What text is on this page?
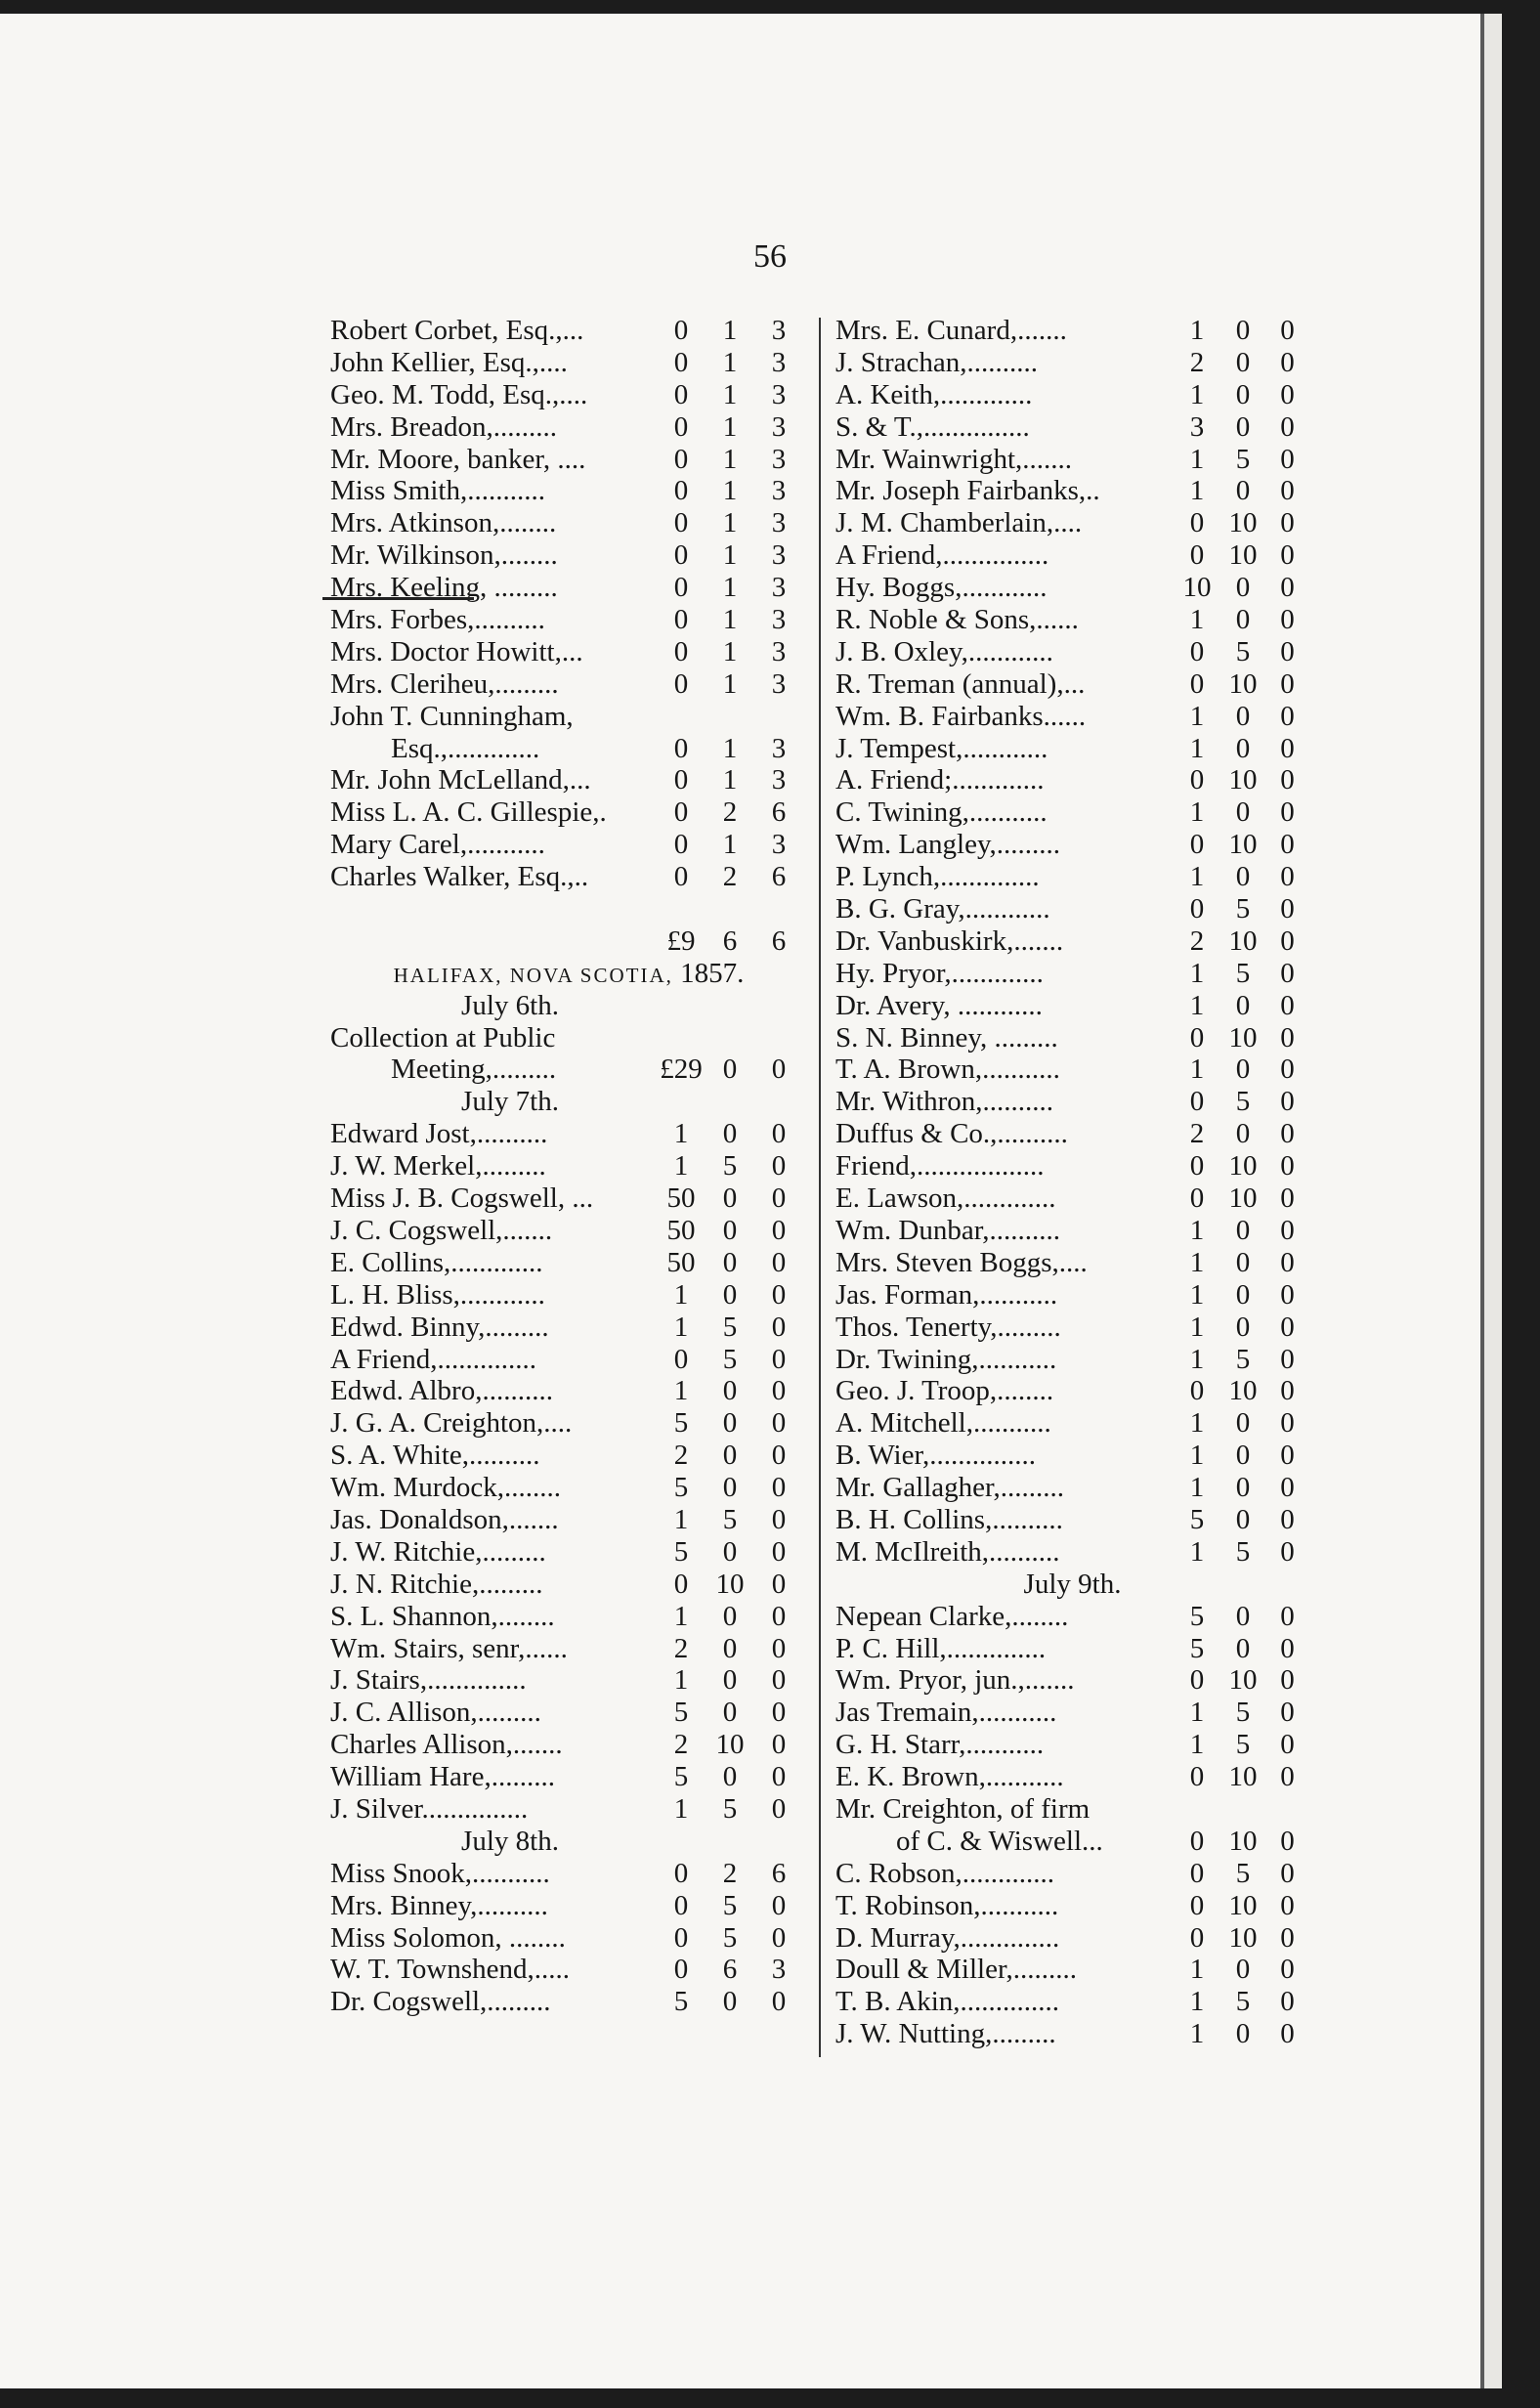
56
Robert Corbet, Esq.,...	0	1	3
John Kellier, Esq.,....	0	1	3
Geo. M. Todd, Esq.,....	0	1	3
Mrs. Breadon,.........	0	1	3
Mr. Moore, banker, ....	0	1	3
Miss Smith,...........	0	1	3
Mrs. Atkinson,........	0	1	3
Mr. Wilkinson,........	0	1	3
Mrs. Keeling, .........	0	1	3
Mrs. Forbes,..........	0	1	3
Mrs. Doctor Howitt,...	0	1	3
Mrs. Cleriheu,.........	0	1	3
John T. Cunningham,
Esq.,.............	0	1	3
Mr. John McLelland,...	0	1	3
Miss L. A. C. Gillespie,.	0	2	6
Mary Carel,...........	0	1	3
Charles Walker, Esq.,..	0	2	6
£9 6	6
HALIFAX, NOVA SCOTIA, 1857.
July 6th.
Collection at Public
Meeting,.........	£29 0	0
July 7th.
Edward Jost,..........	1	0	0
J. W. Merkel,.........	1	5	0
Miss J. B. Cogswell, ...	50 0	0
J. C. Cogswell,.......	50 0	0
E. Collins,.............	50 0	0
L. H. Bliss,............	1	0	0
Edwd. Binny,.........	1	5	0
A Friend,..............	0	5	0
Edwd. Albro,..........	1	0	0
J. G. A. Creighton,....	5	0	0
S. A. White,..........	2	0	0
Wm. Murdock,........	5	0	0
Jas. Donaldson,.......	1	5	0
J. W. Ritchie,.........	5	0	0
J. N. Ritchie,.........	0 10 0
S. L. Shannon,........	1	0	0
Wm. Stairs, senr,......	2	0	0
J. Stairs,..............	1	0	0
J. C. Allison,.........	5	0	0
Charles Allison,.......	2 10 0
William Hare,.........	5	0	0
J. Silver...............	1	5	0
July 8th.
Miss Snook,...........	0	2	6
Mrs. Binney,..........	0	5	0
Miss Solomon, ........	0	5	0
W. T. Townshend,.....	0	6	3
Dr. Cogswell,.........	5	0	0
Mrs. E. Cunard,.......	1	0	0
J. Strachan,..........	2	0	0
A. Keith,.............	1	0	0
S. & T.,...............	3	0	0
Mr. Wainwright,.......	1	5	0
Mr. Joseph Fairbanks,..	1	0	0
J. M. Chamberlain,....	0 10 0
A Friend,...............	0 10 0
Hy. Boggs,............	10 0	0
R. Noble & Sons,......	1	0	0
J. B. Oxley,............	0	5	0
R. Treman (annual),...	0 10 0
Wm. B. Fairbanks......	1	0	0
J. Tempest,............	1	0	0
A. Friend;.............	0 10 0
C. Twining,...........	1	0	0
Wm. Langley,.........	0 10 0
P. Lynch,..............	1	0	0
B. G. Gray,............	0	5	0
Dr. Vanbuskirk,.......	2 10 0
Hy. Pryor,.............	1	5	0
Dr. Avery, ............	1	0	0
S. N. Binney, .........	0 10 0
T. A. Brown,...........	1	0	0
Mr. Withron,..........	0	5	0
Duffus & Co.,..........	2	0	0
Friend,..................	0 10 0
E. Lawson,.............	0 10 0
Wm. Dunbar,..........	1	0	0
Mrs. Steven Boggs,....	1	0	0
Jas. Forman,...........	1	0	0
Thos. Tenerty,.........	1	0	0
Dr. Twining,...........	1	5	0
Geo. J. Troop,........	0 10 0
A. Mitchell,...........	1	0	0
B. Wier,...............	1	0	0
Mr. Gallagher,.........	1	0	0
B. H. Collins,..........	5	0	0
M. McIlreith,..........	1	5	0
July 9th.
Nepean Clarke,........	5	0	0
P. C. Hill,..............	5	0	0
Wm. Pryor, jun.,.......	0 10 0
Jas Tremain,...........	1	5	0
G. H. Starr,...........	1	5	0
E. K. Brown,...........	0 10 0
Mr. Creighton, of firm
of C. & Wiswell...	0 10 0
C. Robson,.............	0	5	0
T. Robinson,...........	0 10 0
D. Murray,..............	0 10 0
Doull & Miller,.........	1	0	0
T. B. Akin,..............	1	5	0
J. W. Nutting,.........	1	0	0
